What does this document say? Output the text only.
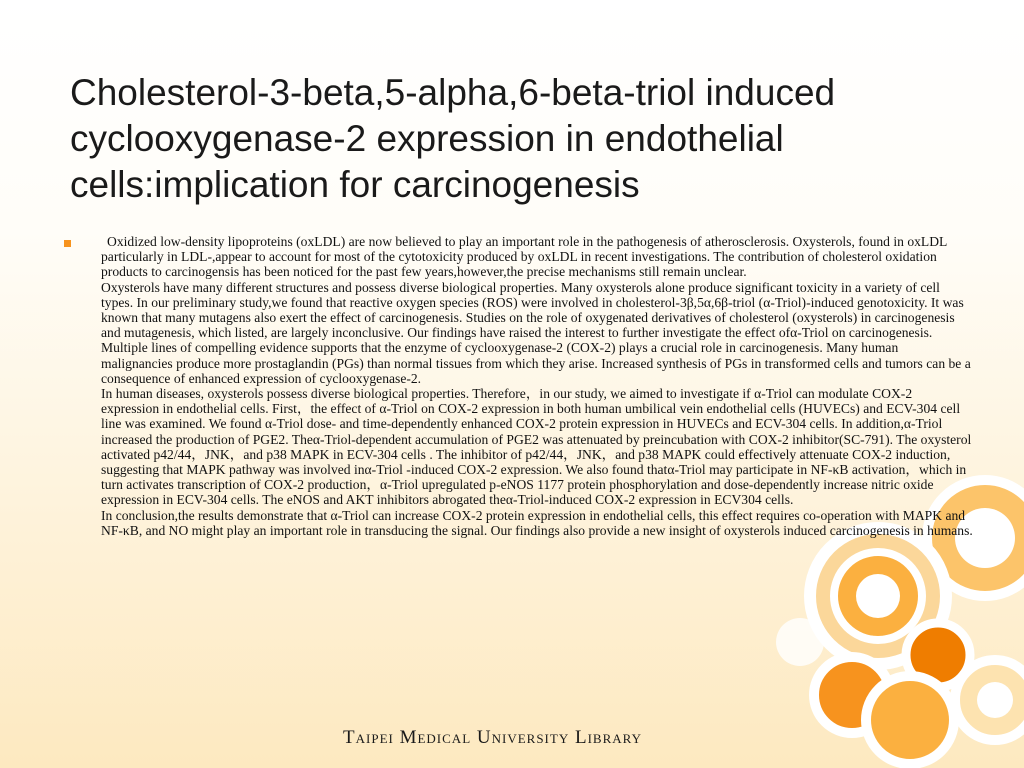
Cholesterol-3-beta,5-alpha,6-beta-triol induced cyclooxygenase-2 expression in endothelial cells:implication for carcinogenesis

Oxidized low-density lipoproteins (oxLDL) are now believed to play an important role in the pathogenesis of atherosclerosis. Oxysterols, found in oxLDL particularly in LDL-,appear to account for most of the cytotoxicity produced by oxLDL in recent investigations. The contribution of cholesterol oxidation products to carcinogensis has been noticed for the past few years,however,the precise mechanisms still remain unclear.

Oxysterols have many different structures and possess diverse biological properties. Many oxysterols alone produce significant toxicity in a variety of cell types. In our preliminary study,we found that reactive oxygen species (ROS) were involved in cholesterol-3β,5α,6β-triol (α-Triol)-induced genotoxicity. It was known that many mutagens also exert the effect of carcinogenesis. Studies on the role of oxygenated derivatives of cholesterol (oxysterols) in carcinogenesis and mutagenesis, which listed, are largely inconclusive. Our findings have raised the interest to further investigate the effect ofα-Triol on carcinogenesis.

Multiple lines of compelling evidence supports that the enzyme of cyclooxygenase-2 (COX-2) plays a crucial role in carcinogenesis. Many human malignancies produce more prostaglandin (PGs) than normal tissues from which they arise. Increased synthesis of PGs in transformed cells and tumors can be a consequence of enhanced expression of cyclooxygenase-2.

In human diseases, oxysterols possess diverse biological properties. Therefore，in our study, we aimed to investigate if α-Triol can modulate COX-2 expression in endothelial cells. First，the effect of α-Triol on COX-2 expression in both human umbilical vein endothelial cells (HUVECs) and ECV-304 cell line was examined. We found α-Triol dose- and time-dependently enhanced COX-2 protein expression in HUVECs and ECV-304 cells. In addition,α-Triol increased the production of PGE2. Theα-Triol-dependent accumulation of PGE2 was attenuated by preincubation with COX-2 inhibitor(SC-791). The oxysterol activated p42/44，JNK，and p38 MAPK in ECV-304 cells . The inhibitor of p42/44，JNK，and p38 MAPK could effectively attenuate COX-2 induction, suggesting that MAPK pathway was involved inα-Triol -induced COX-2 expression. We also found thatα-Triol may participate in NF-κB activation，which in turn activates transcription of COX-2 production，α-Triol upregulated p-eNOS 1177 protein phosphorylation and dose-dependently increase nitric oxide expression in ECV-304 cells. The eNOS and AKT inhibitors abrogated theα-Triol-induced COX-2 expression in ECV304 cells.

In conclusion,the results demonstrate that α-Triol can increase COX-2 protein expression in endothelial cells, this effect requires co-operation with MAPK and NF-κB, and NO might play an important role in transducing the signal. Our findings also provide a new insight of oxysterols induced carcinogenesis in humans.

Taipei Medical University Library
